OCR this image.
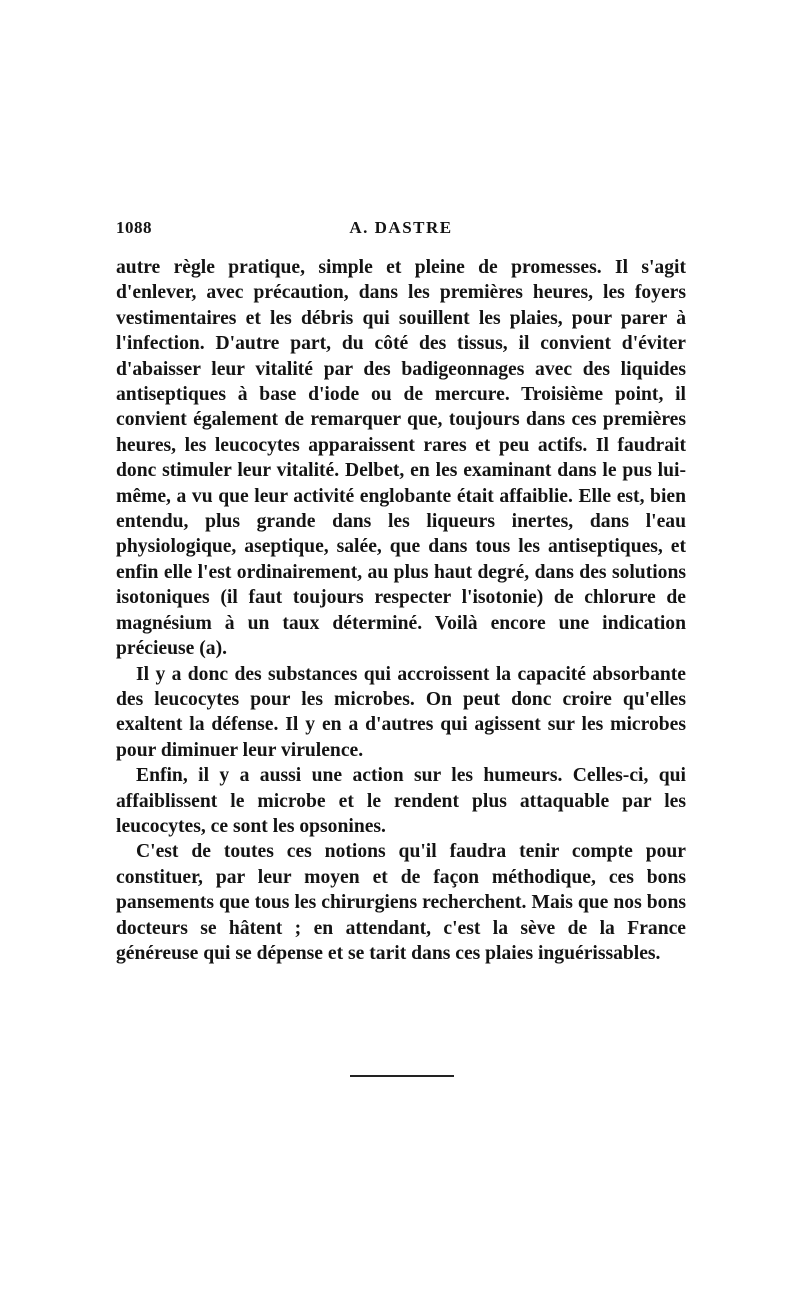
1088	A. DASTRE

autre règle pratique, simple et pleine de promesses. Il s'agit d'enlever, avec précaution, dans les premières heures, les foyers vestimentaires et les débris qui souillent les plaies, pour parer à l'infection. D'autre part, du côté des tissus, il convient d'éviter d'abaisser leur vitalité par des badigeonnages avec des liquides antiseptiques à base d'iode ou de mercure. Troisième point, il convient également de remarquer que, toujours dans ces premières heures, les leucocytes apparaissent rares et peu actifs. Il faudrait donc stimuler leur vitalité. Delbet, en les examinant dans le pus lui-même, a vu que leur activité englobante était affaiblie. Elle est, bien entendu, plus grande dans les liqueurs inertes, dans l'eau physiologique, aseptique, salée, que dans tous les antiseptiques, et enfin elle l'est ordinairement, au plus haut degré, dans des solutions isotoniques (il faut toujours respecter l'isotonie) de chlorure de magnésium à un taux déterminé. Voilà encore une indication précieuse (a).

Il y a donc des substances qui accroissent la capacité absorbante des leucocytes pour les microbes. On peut donc croire qu'elles exaltent la défense. Il y en a d'autres qui agissent sur les microbes pour diminuer leur virulence.

Enfin, il y a aussi une action sur les humeurs. Celles-ci, qui affaiblissent le microbe et le rendent plus attaquable par les leucocytes, ce sont les opsonines.

C'est de toutes ces notions qu'il faudra tenir compte pour constituer, par leur moyen et de façon méthodique, ces bons pansements que tous les chirurgiens recherchent. Mais que nos bons docteurs se hâtent ; en attendant, c'est la sève de la France généreuse qui se dépense et se tarit dans ces plaies inguérissables.
